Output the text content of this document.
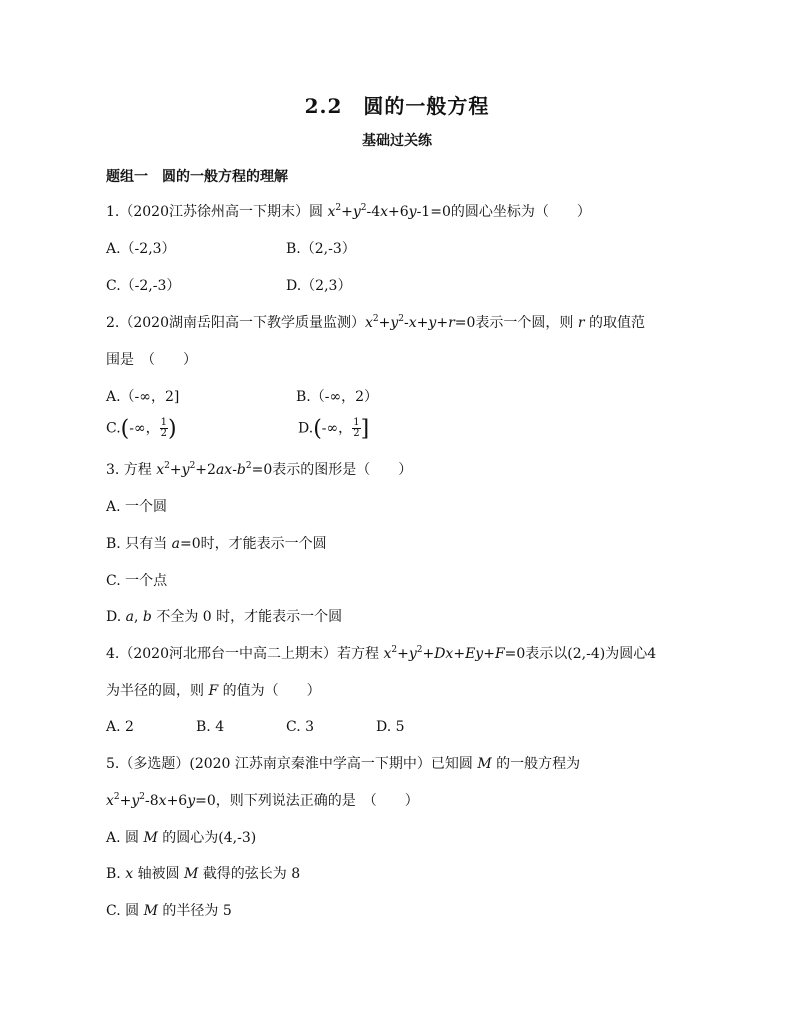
2.2　圆的一般方程
基础过关练
题组一　圆的一般方程的理解
1.（2020江苏徐州高一下期末）圆 $x^2+y^2-4x+6y-1=0$的圆心坐标为（　　）
A.（-2,3）	B.（2,-3）
C.（-2,-3）	D.（2,3）
2.（2020湖南岳阳高一下教学质量监测）$x^2+y^2-x+y+r=0$表示一个圆，则 r 的取值范
围是　（　　）
A.（-∞，2]	B.（-∞，2）
C.(-∞， $\frac{1}{2}$ )	D.(-∞， $\frac{1}{2}$ ]
3. 方程 $x^2+y^2+2ax-b^2=0$表示的图形是（　　）
A. 一个圆
B. 只有当 a=0时，才能表示一个圆
C. 一个点
D. a, b 不全为 0 时，才能表示一个圆
4.（2020河北邢台一中高二上期末）若方程 $x^2+y^2+Dx+Ey+F=0$表示以(2,-4)为圆心4
为半径的圆，则 F 的值为（　　）
A. 2	B. 4	C. 3	D. 5
5.（多选题）(2020 江苏南京秦淮中学高一下期中）已知圆 M 的一般方程为
$x^2+y^2-8x+6y=0$，则下列说法正确的是　（　　）
A. 圆 M 的圆心为(4,-3)
B. x 轴被圆 M 截得的弦长为 8
C. 圆 M 的半径为 5
